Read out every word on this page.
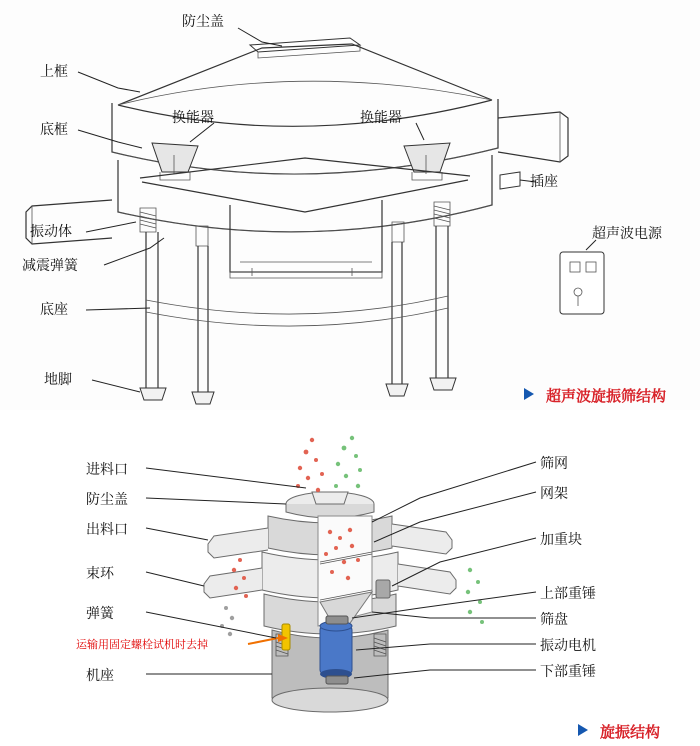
防尘盖
上框
底框
振动体
减震弹簧
底座
地脚
换能器	换能器
插座
超声波电源
超声波旋振筛结构
进料口
防尘盖
出料口
束环
弹簧
机座
运输用固定螺栓试机时去掉
筛网
网架
加重块
上部重锤
筛盘
振动电机
下部重锤
旋振结构
